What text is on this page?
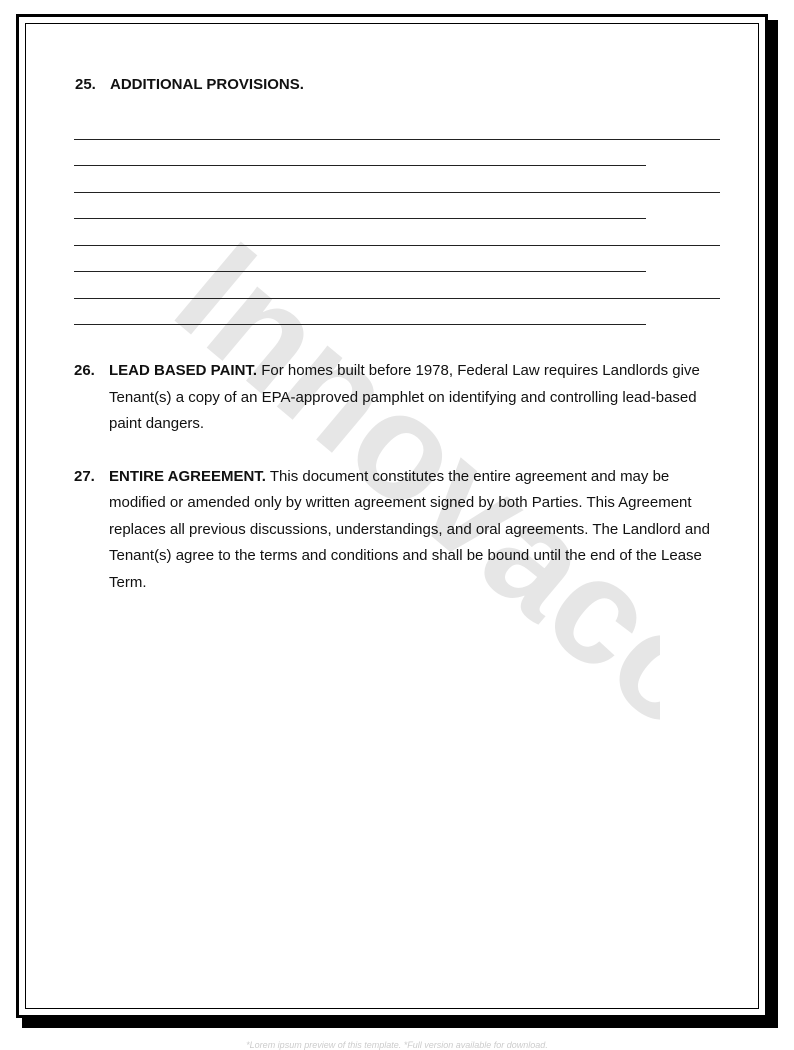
Innovaco
25. ADDITIONAL PROVISIONS.
26. LEAD BASED PAINT. For homes built before 1978, Federal Law requires Landlords give Tenant(s) a copy of an EPA-approved pamphlet on identifying and controlling lead-based paint dangers.
27. ENTIRE AGREEMENT. This document constitutes the entire agreement and may be modified or amended only by written agreement signed by both Parties. This Agreement replaces all previous discussions, understandings, and oral agreements. The Landlord and Tenant(s) agree to the terms and conditions and shall be bound until the end of the Lease Term.
*Lorem ipsum preview of this template. *Full version available for download.
